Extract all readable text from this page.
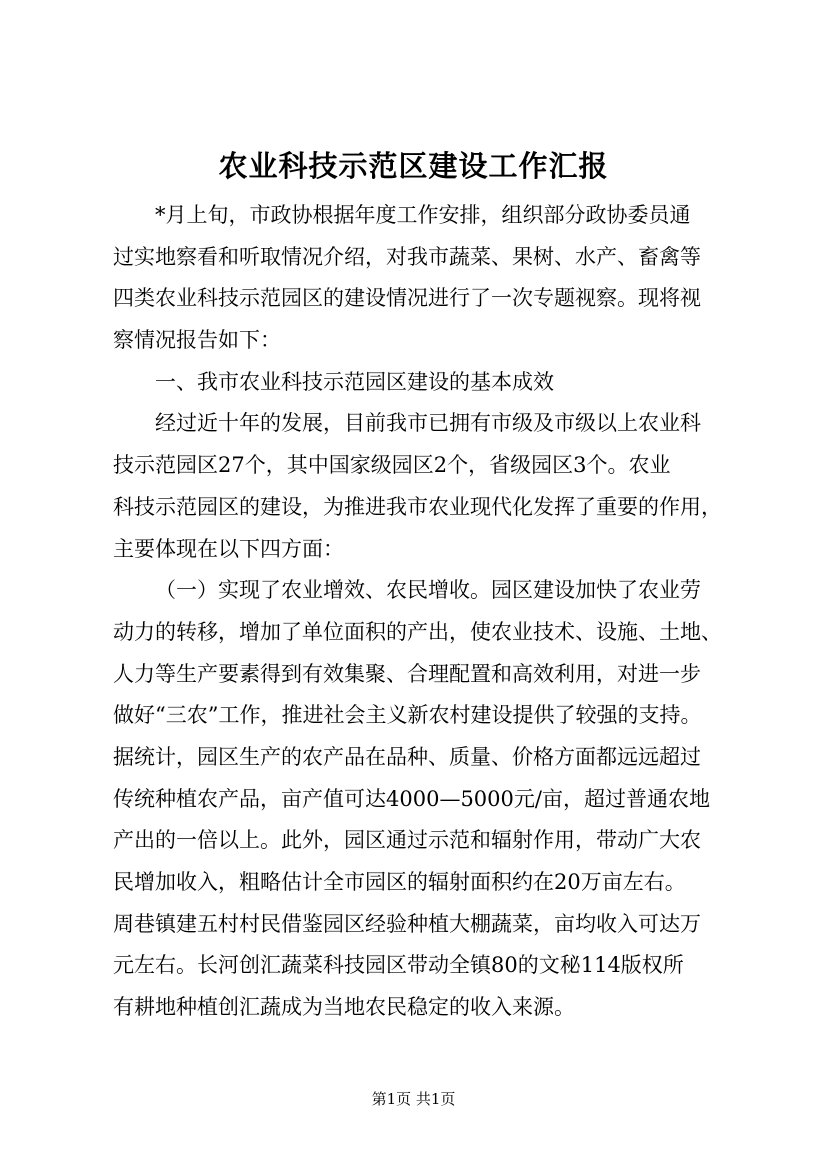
农业科技示范区建设工作汇报
*月上旬，市政协根据年度工作安排，组织部分政协委员通
过实地察看和听取情况介绍，对我市蔬菜、果树、水产、畜禽等
四类农业科技示范园区的建设情况进行了一次专题视察。现将视
察情况报告如下：
一、我市农业科技示范园区建设的基本成效
经过近十年的发展，目前我市已拥有市级及市级以上农业科
技示范园区27个，其中国家级园区2个，省级园区3个。农业
科技示范园区的建设，为推进我市农业现代化发挥了重要的作用，
主要体现在以下四方面：
（一）实现了农业增效、农民增收。园区建设加快了农业劳
动力的转移，增加了单位面积的产出，使农业技术、设施、土地、
人力等生产要素得到有效集聚、合理配置和高效利用，对进一步
做好“三农”工作，推进社会主义新农村建设提供了较强的支持。
据统计，园区生产的农产品在品种、质量、价格方面都远远超过
传统种植农产品，亩产值可达4000—5000元/亩，超过普通农地
产出的一倍以上。此外，园区通过示范和辐射作用，带动广大农
民增加收入，粗略估计全市园区的辐射面积约在20万亩左右。
周巷镇建五村村民借鉴园区经验种植大棚蔬菜，亩均收入可达万
元左右。长河创汇蔬菜科技园区带动全镇80的文秘114版权所
有耕地种植创汇蔬成为当地农民稳定的收入来源。
第1页 共1页
